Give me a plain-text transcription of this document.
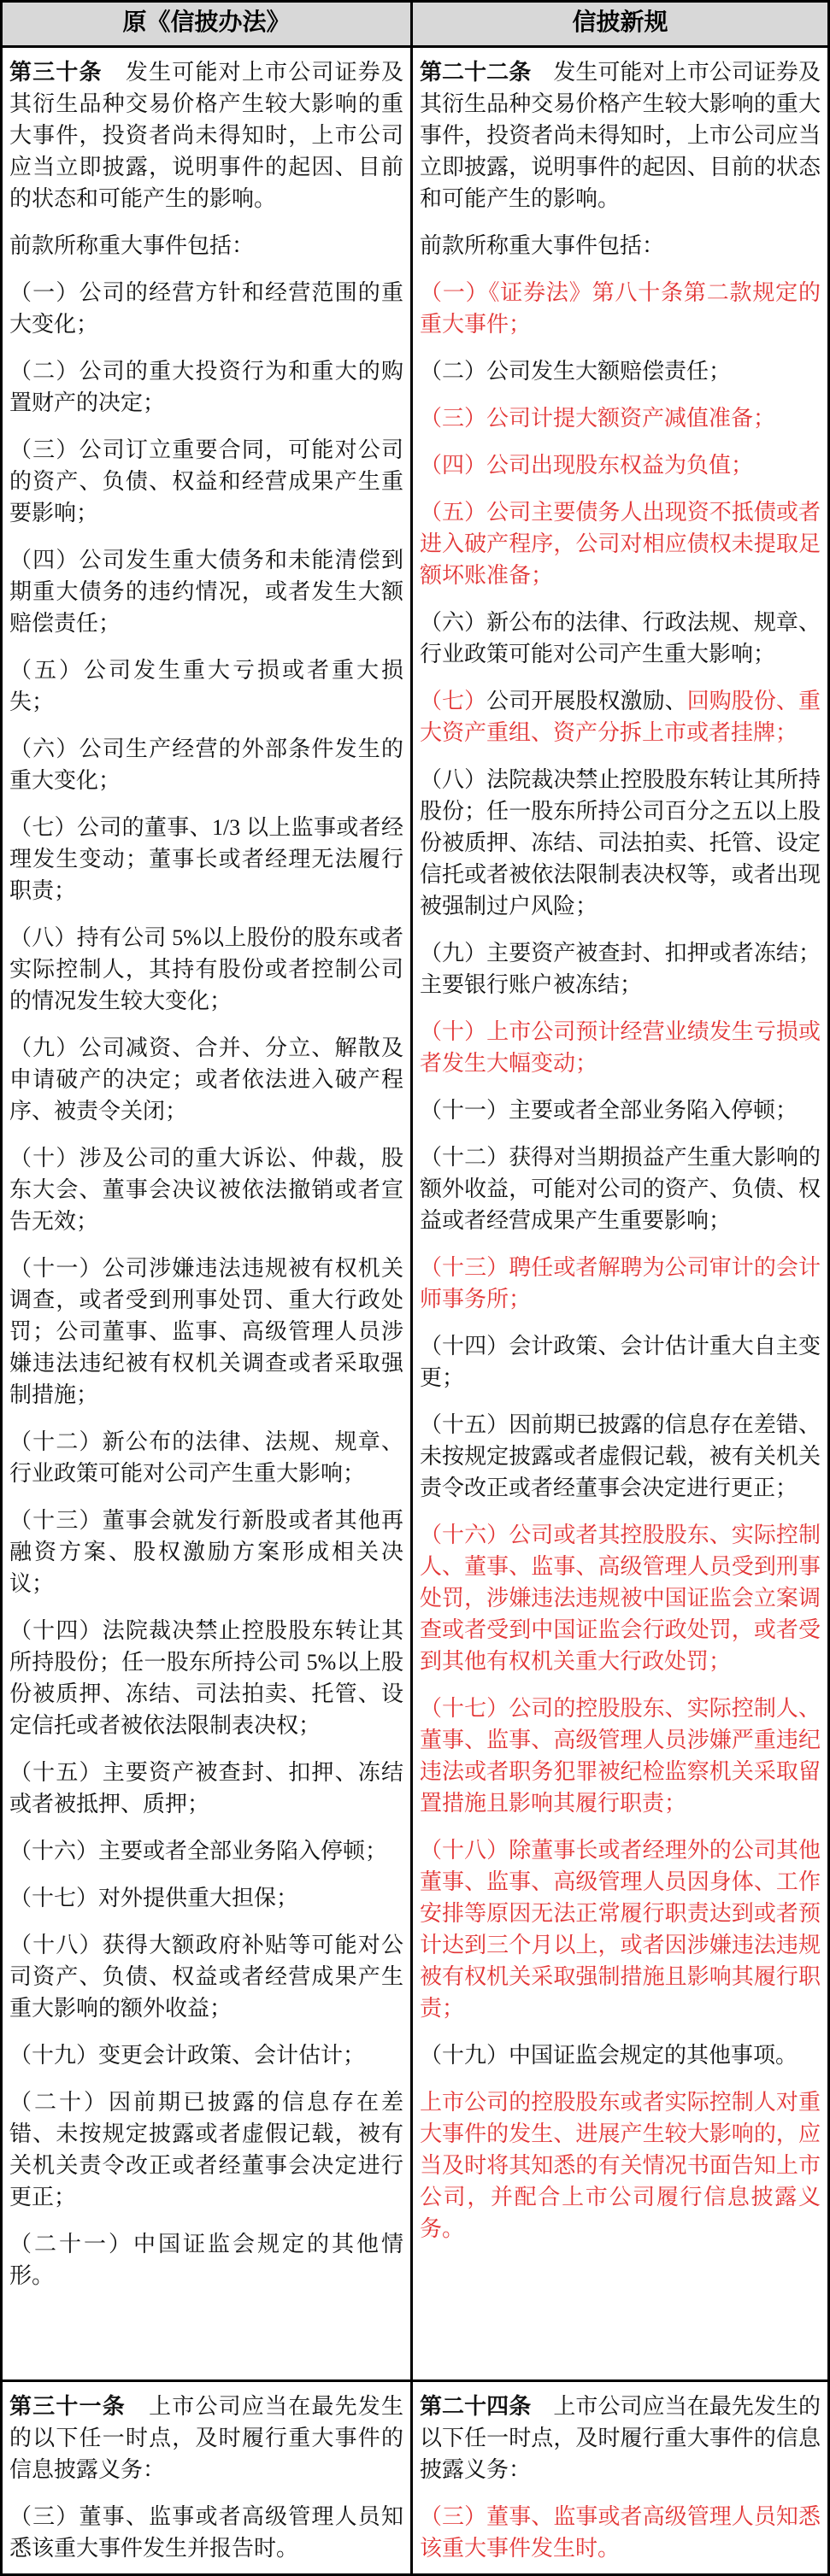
原《信披办法》	信披新规
第三十条　发生可能对上市公司证券及其衍生品种交易价格产生较大影响的重大事件，投资者尚未得知时，上市公司应当立即披露，说明事件的起因、目前的状态和可能产生的影响。
前款所称重大事件包括：
（一）公司的经营方针和经营范围的重大变化；
（二）公司的重大投资行为和重大的购置财产的决定；
（三）公司订立重要合同，可能对公司的资产、负债、权益和经营成果产生重要影响；
（四）公司发生重大债务和未能清偿到期重大债务的违约情况，或者发生大额赔偿责任；
（五）公司发生重大亏损或者重大损失；
（六）公司生产经营的外部条件发生的重大变化；
（七）公司的董事、1/3 以上监事或者经理发生变动；董事长或者经理无法履行职责；
（八）持有公司 5%以上股份的股东或者实际控制人，其持有股份或者控制公司的情况发生较大变化；
（九）公司减资、合并、分立、解散及申请破产的决定；或者依法进入破产程序、被责令关闭；
（十）涉及公司的重大诉讼、仲裁，股东大会、董事会决议被依法撤销或者宣告无效；
（十一）公司涉嫌违法违规被有权机关调查，或者受到刑事处罚、重大行政处罚；公司董事、监事、高级管理人员涉嫌违法违纪被有权机关调查或者采取强制措施；
（十二）新公布的法律、法规、规章、行业政策可能对公司产生重大影响；
（十三）董事会就发行新股或者其他再融资方案、股权激励方案形成相关决议；
（十四）法院裁决禁止控股股东转让其所持股份；任一股东所持公司 5%以上股份被质押、冻结、司法拍卖、托管、设定信托或者被依法限制表决权；
（十五）主要资产被查封、扣押、冻结或者被抵押、质押；
（十六）主要或者全部业务陷入停顿；
（十七）对外提供重大担保；
（十八）获得大额政府补贴等可能对公司资产、负债、权益或者经营成果产生重大影响的额外收益；
（十九）变更会计政策、会计估计；
（二十）因前期已披露的信息存在差错、未按规定披露或者虚假记载，被有关机关责令改正或者经董事会决定进行更正；
（二十一）中国证监会规定的其他情形。
第二十二条　发生可能对上市公司证券及其衍生品种交易价格产生较大影响的重大事件，投资者尚未得知时，上市公司应当立即披露，说明事件的起因、目前的状态和可能产生的影响。
前款所称重大事件包括：
（一）《证券法》第八十条第二款规定的重大事件；
（二）公司发生大额赔偿责任；
（三）公司计提大额资产减值准备；
（四）公司出现股东权益为负值；
（五）公司主要债务人出现资不抵债或者进入破产程序，公司对相应债权未提取足额坏账准备；
（六）新公布的法律、行政法规、规章、行业政策可能对公司产生重大影响；
（七）公司开展股权激励、回购股份、重大资产重组、资产分拆上市或者挂牌；
（八）法院裁决禁止控股股东转让其所持股份；任一股东所持公司百分之五以上股份被质押、冻结、司法拍卖、托管、设定信托或者被依法限制表决权等，或者出现被强制过户风险；
（九）主要资产被查封、扣押或者冻结；主要银行账户被冻结；
（十）上市公司预计经营业绩发生亏损或者发生大幅变动；
（十一）主要或者全部业务陷入停顿；
（十二）获得对当期损益产生重大影响的额外收益，可能对公司的资产、负债、权益或者经营成果产生重要影响；
（十三）聘任或者解聘为公司审计的会计师事务所；
（十四）会计政策、会计估计重大自主变更；
（十五）因前期已披露的信息存在差错、未按规定披露或者虚假记载，被有关机关责令改正或者经董事会决定进行更正；
（十六）公司或者其控股股东、实际控制人、董事、监事、高级管理人员受到刑事处罚，涉嫌违法违规被中国证监会立案调查或者受到中国证监会行政处罚，或者受到其他有权机关重大行政处罚；
（十七）公司的控股股东、实际控制人、董事、监事、高级管理人员涉嫌严重违纪违法或者职务犯罪被纪检监察机关采取留置措施且影响其履行职责；
（十八）除董事长或者经理外的公司其他董事、监事、高级管理人员因身体、工作安排等原因无法正常履行职责达到或者预计达到三个月以上，或者因涉嫌违法违规被有权机关采取强制措施且影响其履行职责；
（十九）中国证监会规定的其他事项。
上市公司的控股股东或者实际控制人对重大事件的发生、进展产生较大影响的，应当及时将其知悉的有关情况书面告知上市公司，并配合上市公司履行信息披露义务。
第三十一条　上市公司应当在最先发生的以下任一时点，及时履行重大事件的信息披露义务：
（三）董事、监事或者高级管理人员知悉该重大事件发生并报告时。
第二十四条　上市公司应当在最先发生的以下任一时点，及时履行重大事件的信息披露义务：
（三）董事、监事或者高级管理人员知悉该重大事件发生时。
